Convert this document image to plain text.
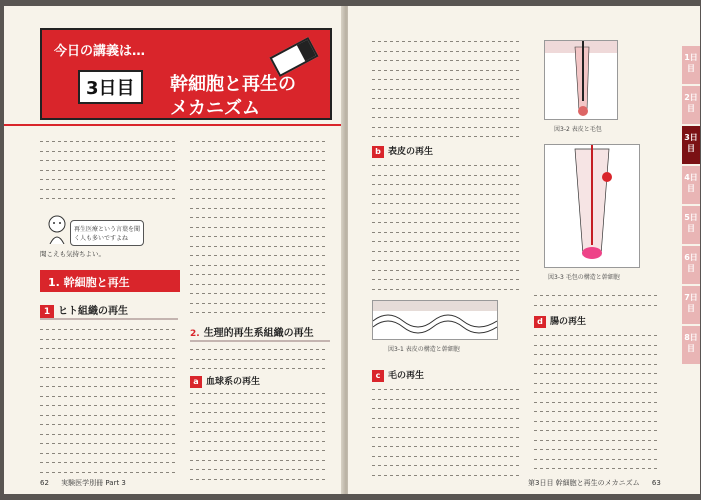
今日の講義は…
3日目	幹細胞と再生の
メカニズム
再生医療という言葉を聞く人も多いですよね
聞こえも気持ちよい。
1. 幹細胞と再生
1 ヒト組織の再生
2. 生理的再生系組織の再生
a 血球系の再生
62 実験医学別冊 Part 3
b 表皮の再生
図3-1 表皮の構造と幹細胞
c 毛の再生
図3-2 表皮と毛包
図3-3 毛包の構造と幹細胞
d 腸の再生
1日目
2日目
3日目
4日目
5日目
6日目
7日目
8日目
第3日目 幹細胞と再生のメカニズム 63
